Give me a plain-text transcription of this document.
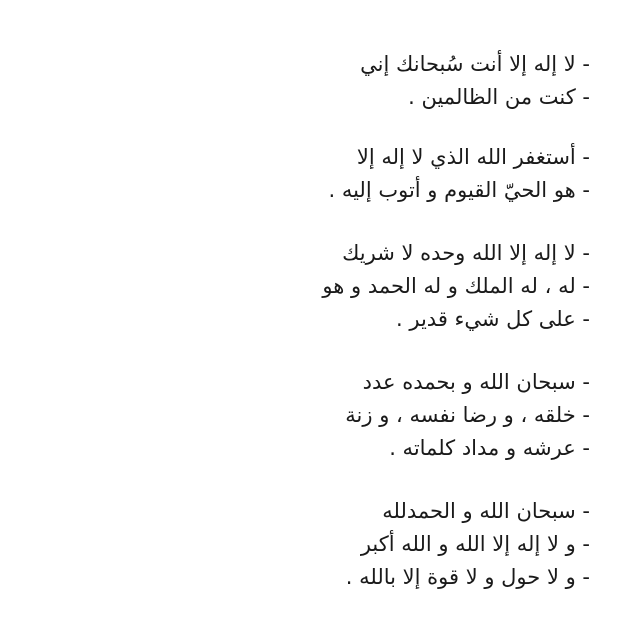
- لا إله إلا أنت سُبحانك إني
- كنت من الظالمين .
- أستغفر الله الذي لا إله إلا
- هو الحيّ القيوم و أتوب إليه .
- لا إله إلا الله وحده لا شريك
- له ، له الملك و له الحمد و هو
- على كل شيء قدير .
- سبحان الله و بحمده عدد
- خلقه ، و رضا نفسه ، و زنة
- عرشه و مداد كلماته .
- سبحان الله و الحمدلله
- و لا إله إلا الله و الله أكبر
- و لا حول و لا قوة إلا بالله .
